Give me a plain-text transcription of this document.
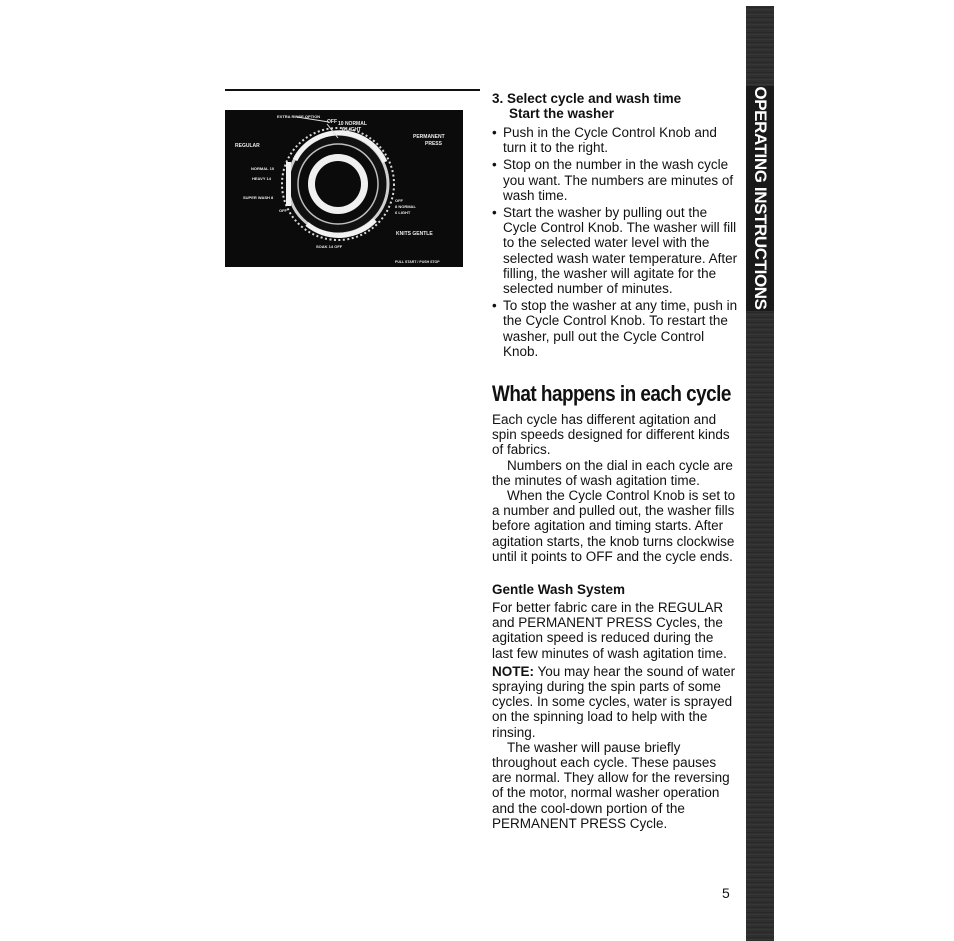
EXTRA RINSE OPTION
OFF 10 NORMAL
6 LIGHT
PERMANENT
PRESS
REGULAR
NORMAL 10
HEAVY 14
SUPER WASH 8
OFF
OFF
8 NORMAL
6 LIGHT
KNITS GENTLE
SOAK 14 OFF
PULL START / PUSH STOP
3. Select cycle and wash time
Start the washer
• Push in the Cycle Control Knob and turn it to the right.
• Stop on the number in the wash cycle you want. The numbers are minutes of wash time.
• Start the washer by pulling out the Cycle Control Knob. The washer will fill to the selected water level with the selected wash water temperature. After filling, the washer will agitate for the selected number of minutes.
• To stop the washer at any time, push in the Cycle Control Knob. To restart the washer, pull out the Cycle Control Knob.
What happens in each cycle

Each cycle has different agitation and spin speeds designed for different kinds of fabrics.

Numbers on the dial in each cycle are the minutes of wash agitation time.

When the Cycle Control Knob is set to a number and pulled out, the washer fills before agitation and timing starts. After agitation starts, the knob turns clockwise until it points to OFF and the cycle ends.

Gentle Wash System

For better fabric care in the REGULAR and PERMANENT PRESS Cycles, the agitation speed is reduced during the last few minutes of wash agitation time.

NOTE: You may hear the sound of water spraying during the spin parts of some cycles. In some cycles, water is sprayed on the spinning load to help with the rinsing.

The washer will pause briefly throughout each cycle. These pauses are normal. They allow for the reversing of the motor, normal washer operation and the cool-down portion of the PERMANENT PRESS Cycle.

OPERATING INSTRUCTIONS
5
